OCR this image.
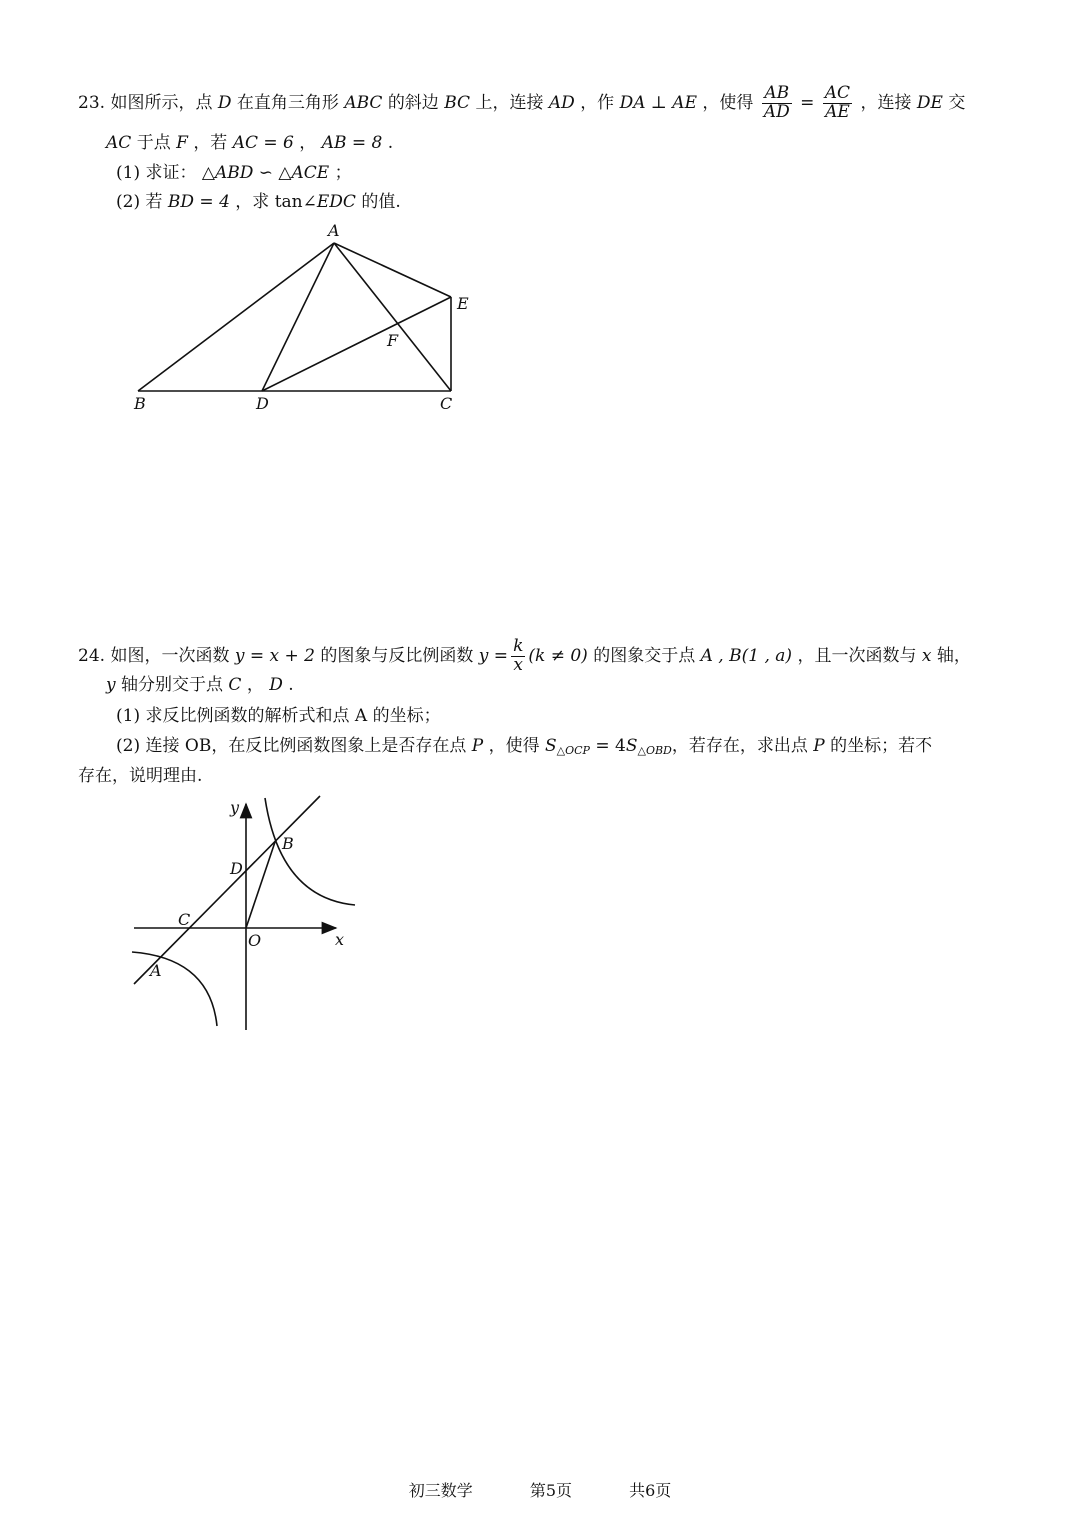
23. 如图所示，点 D 在直角三角形 ABC 的斜边 BC 上，连接 AD ，作 DA ⊥ AE ，使得 $\frac{AB}{AD} = \frac{AC}{AE}$ ，连接 DE 交
AC 于点 F ，若 AC = 6 ， AB = 8 .
(1) 求证： △ABD ∽ △ACE ；
(2) 若 BD = 4 ，求 tan∠EDC 的值.
A
B	D	C
E
F
24. 如图，一次函数 y = x + 2 的图象与反比例函数 $y = \frac{k}{x} (k \ne 0)$ 的图象交于点 A , B(1 , a) ，且一次函数与 x 轴，
y 轴分别交于点 C ， D .
(1) 求反比例函数的解析式和点 A 的坐标；
(2) 连接 OB，在反比例函数图象上是否存在点 P ，使得 $S_{\triangle OCP} = 4S_{\triangle OBD}$，若存在，求出点 P 的坐标；若不
存在，说明理由.
y
x
O
B
D
C
A
初三数学	第5页	共6页
